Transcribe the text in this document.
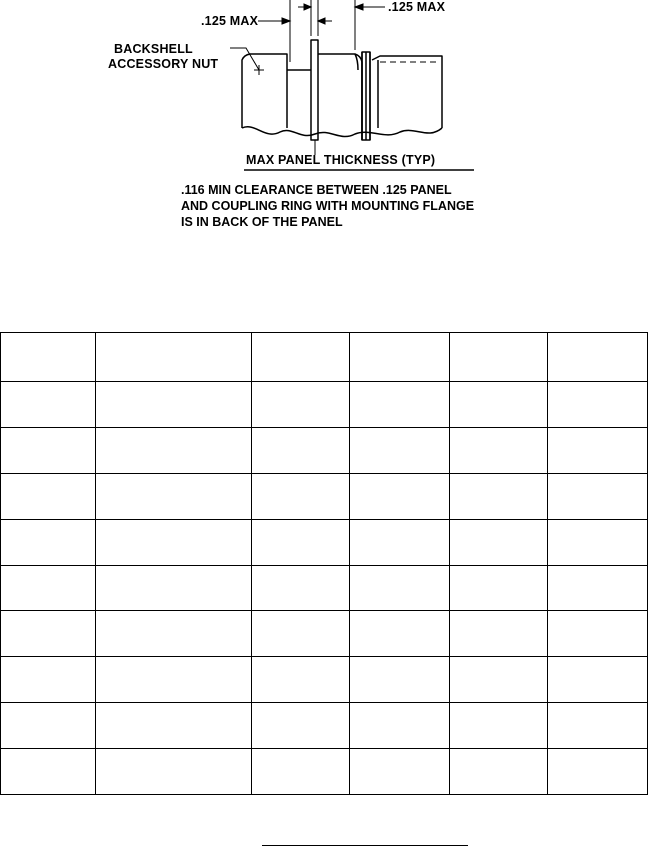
.125 MAX
.125 MAX
BACKSHELL
ACCESSORY NUT
MAX PANEL THICKNESS (TYP)
.116 MIN CLEARANCE BETWEEN .125 PANEL
AND COUPLING RING WITH MOUNTING FLANGE
IS IN BACK OF THE PANEL
